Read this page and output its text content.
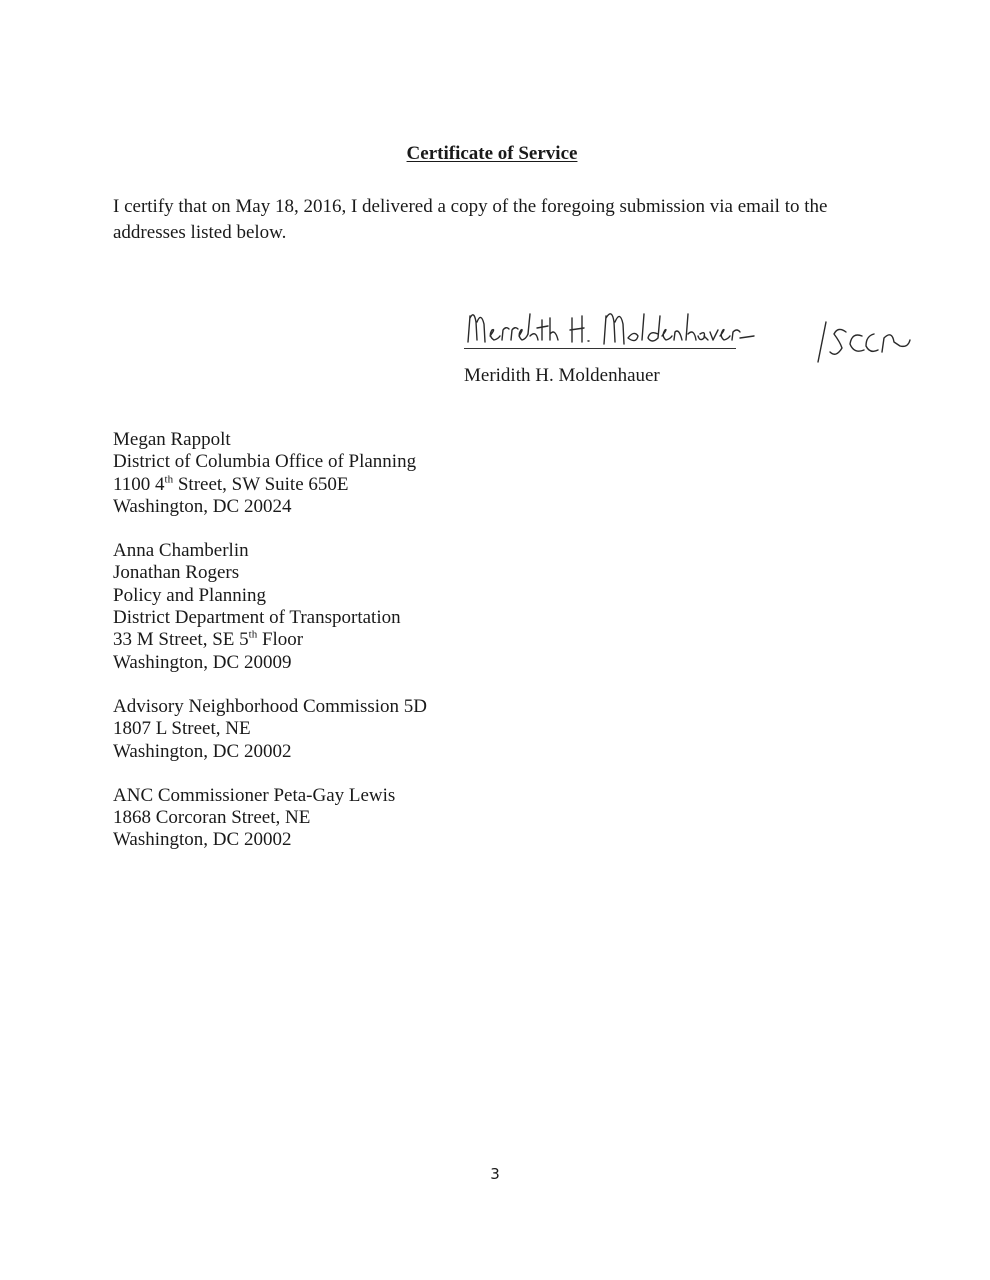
Certificate of Service
I certify that on May 18, 2016, I delivered a copy of the foregoing submission via email to the addresses listed below.
Meridith H. Moldenhauer
Megan Rappolt
District of Columbia Office of Planning
1100 4th Street, SW Suite 650E
Washington, DC 20024
Anna Chamberlin
Jonathan Rogers
Policy and Planning
District Department of Transportation
33 M Street, SE 5th Floor
Washington, DC 20009
Advisory Neighborhood Commission 5D
1807 L Street, NE
Washington, DC 20002
ANC Commissioner Peta-Gay Lewis
1868 Corcoran Street, NE
Washington, DC 20002
3
